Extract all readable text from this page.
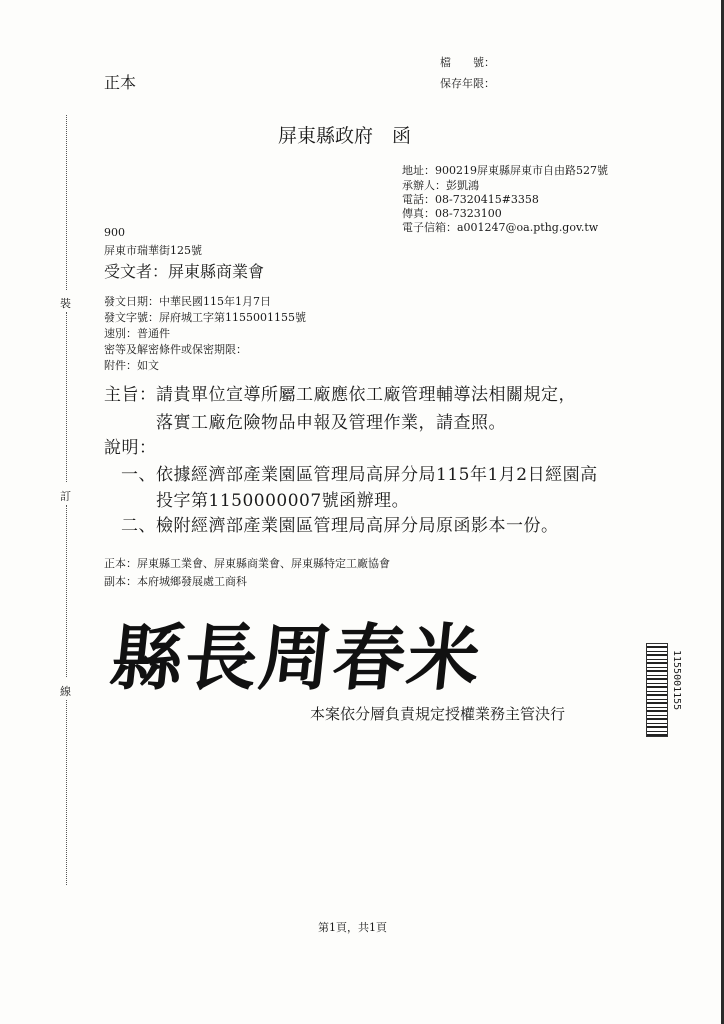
裝
訂
線
正本
檔　　號：
保存年限：
屏東縣政府　函
地址：900219屏東縣屏東市自由路527號
承辦人：彭凱鴻
電話：08-7320415#3358
傳真：08-7323100
電子信箱：a001247@oa.pthg.gov.tw
900
屏東市瑞華街125號
受文者：屏東縣商業會
發文日期：中華民國115年1月7日
發文字號：屏府城工字第1155001155號
速別：普通件
密等及解密條件或保密期限：
附件：如文
主旨： 請貴單位宣導所屬工廠應依工廠管理輔導法相關規定，
落實工廠危險物品申報及管理作業，請查照。
說明：
一、依據經濟部產業園區管理局高屏分局115年1月2日經園高
投字第1150000007號函辦理。
二、檢附經濟部產業園區管理局高屏分局原函影本一份。
正本：屏東縣工業會、屏東縣商業會、屏東縣特定工廠協會
副本：本府城鄉發展處工商科
縣長周春米
本案依分層負責規定授權業務主管決行
1155001155
第1頁，共1頁
